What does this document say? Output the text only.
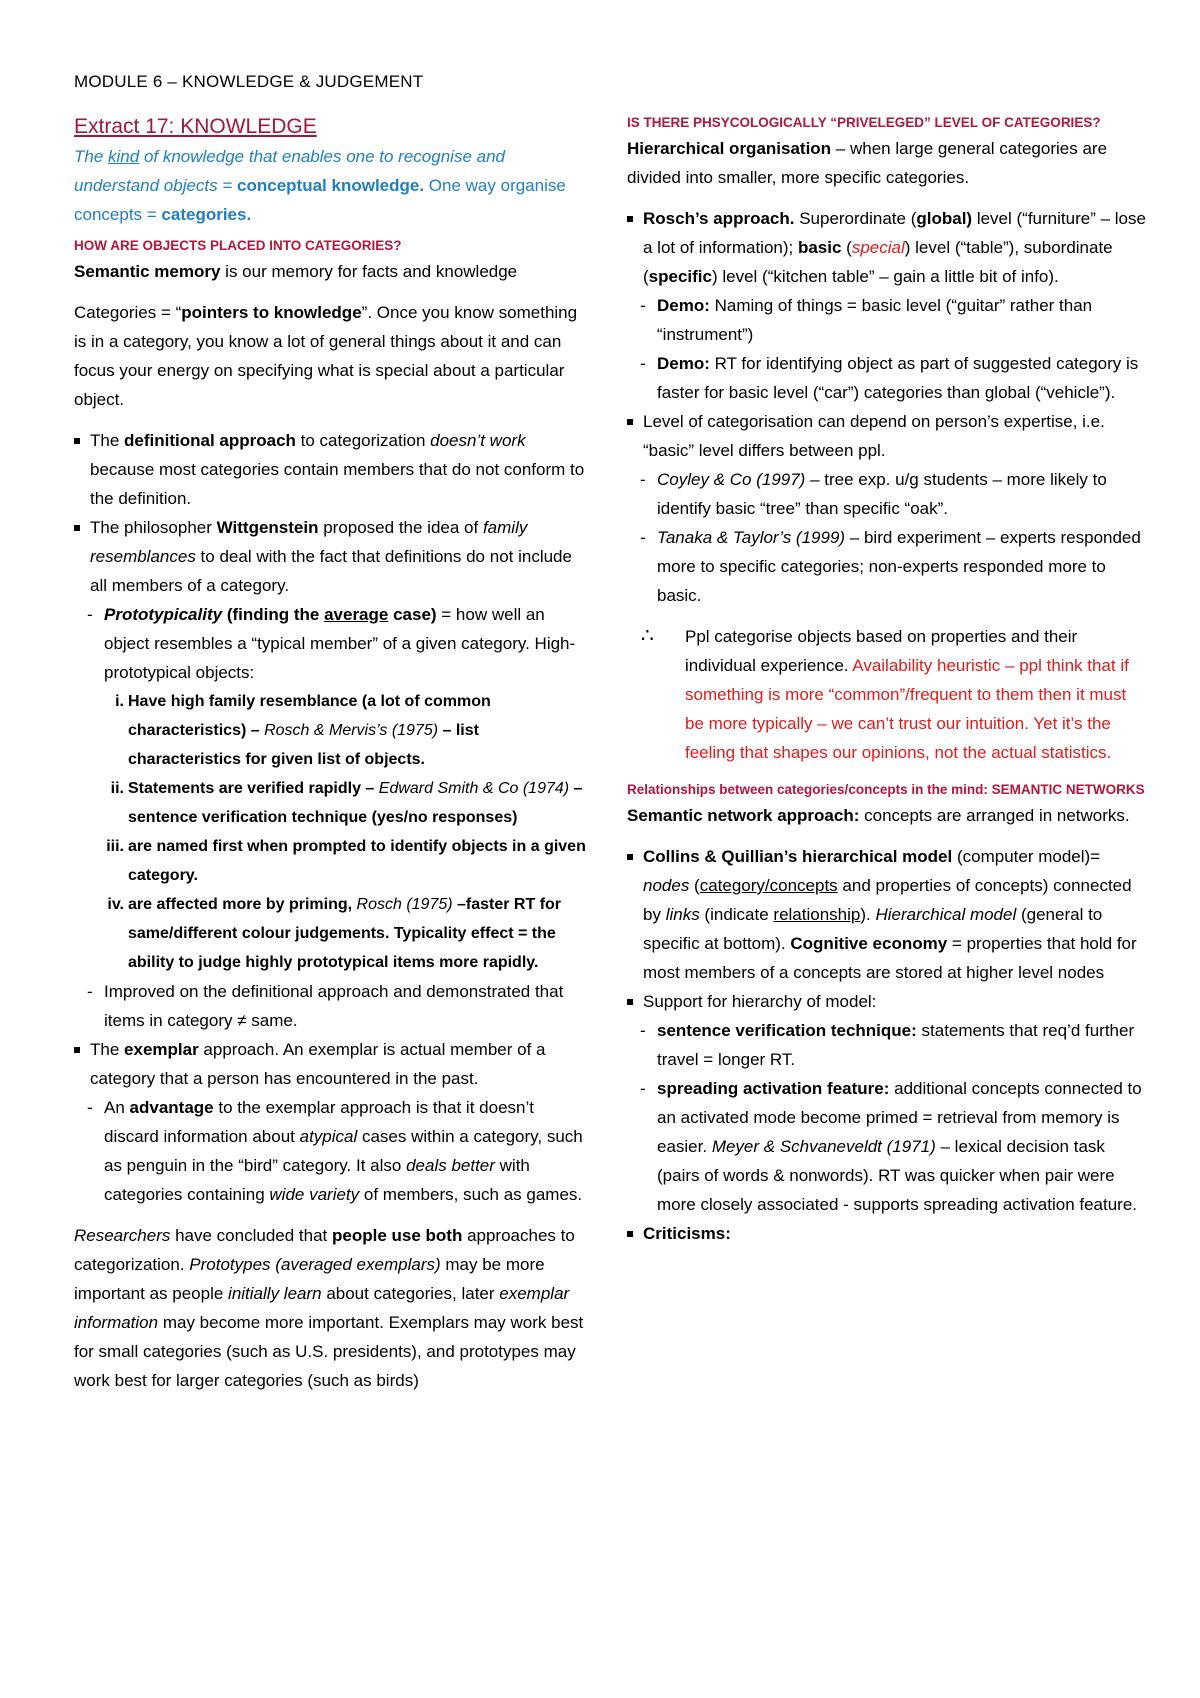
MODULE 6 – KNOWLEDGE & JUDGEMENT
Extract 17: KNOWLEDGE

The kind of knowledge that enables one to recognise and understand objects = conceptual knowledge. One way organise concepts = categories.

HOW ARE OBJECTS PLACED INTO CATEGORIES?

Semantic memory is our memory for facts and knowledge

Categories = “pointers to knowledge”. Once you know something is in a category, you know a lot of general things about it and can focus your energy on specifying what is special about a particular object.

The definitional approach to categorization doesn’t work because most categories contain members that do not conform to the definition.
The philosopher Wittgenstein proposed the idea of family resemblances to deal with the fact that definitions do not include all members of a category.
- Prototypicality (finding the average case) = how well an object resembles a “typical member” of a given category. High-prototypical objects:
i. Have high family resemblance (a lot of common characteristics) – Rosch & Mervis’s (1975) – list characteristics for given list of objects.
ii. Statements are verified rapidly – Edward Smith & Co (1974) – sentence verification technique (yes/no responses)
iii. are named first when prompted to identify objects in a given category.
iv. are affected more by priming, Rosch (1975) –faster RT for same/different colour judgements. Typicality effect = the ability to judge highly prototypical items more rapidly.
- Improved on the definitional approach and demonstrated that items in category ≠ same.
The exemplar approach. An exemplar is actual member of a category that a person has encountered in the past.
- An advantage to the exemplar approach is that it doesn’t discard information about atypical cases within a category, such as penguin in the “bird” category. It also deals better with categories containing wide variety of members, such as games.

Researchers have concluded that people use both approaches to categorization. Prototypes (averaged exemplars) may be more important as people initially learn about categories, later exemplar information may become more important. Exemplars may work best for small categories (such as U.S. presidents), and prototypes may work best for larger categories (such as birds)

IS THERE PHSYCOLOGICALLY “PRIVELEGED” LEVEL OF CATEGORIES?

Hierarchical organisation – when large general categories are divided into smaller, more specific categories.

Rosch’s approach. Superordinate (global) level (“furniture” – lose a lot of information); basic (special) level (“table”), subordinate (specific) level (“kitchen table” – gain a little bit of info).
- Demo: Naming of things = basic level (“guitar” rather than “instrument”)
- Demo: RT for identifying object as part of suggested category is faster for basic level (“car”) categories than global (“vehicle”).
Level of categorisation can depend on person’s expertise, i.e. “basic” level differs between ppl.
- Coyley & Co (1997) – tree exp. u/g students – more likely to identify basic “tree” than specific “oak”.
- Tanaka & Taylor’s (1999) – bird experiment – experts responded more to specific categories; non-experts responded more to basic.

∴ Ppl categorise objects based on properties and their individual experience. Availability heuristic – ppl think that if something is more “common”/frequent to them then it must be more typically – we can’t trust our intuition. Yet it’s the feeling that shapes our opinions, not the actual statistics.

Relationships between categories/concepts in the mind: SEMANTIC NETWORKS

Semantic network approach: concepts are arranged in networks.

Collins & Quillian’s hierarchical model (computer model)= nodes (category/concepts and properties of concepts) connected by links (indicate relationship). Hierarchical model (general to specific at bottom). Cognitive economy = properties that hold for most members of a concepts are stored at higher level nodes
Support for hierarchy of model:
- sentence verification technique: statements that req’d further travel = longer RT.
- spreading activation feature: additional concepts connected to an activated mode become primed = retrieval from memory is easier. Meyer & Schvaneveldt (1971) – lexical decision task (pairs of words & nonwords). RT was quicker when pair were more closely associated - supports spreading activation feature.
Criticisms:
